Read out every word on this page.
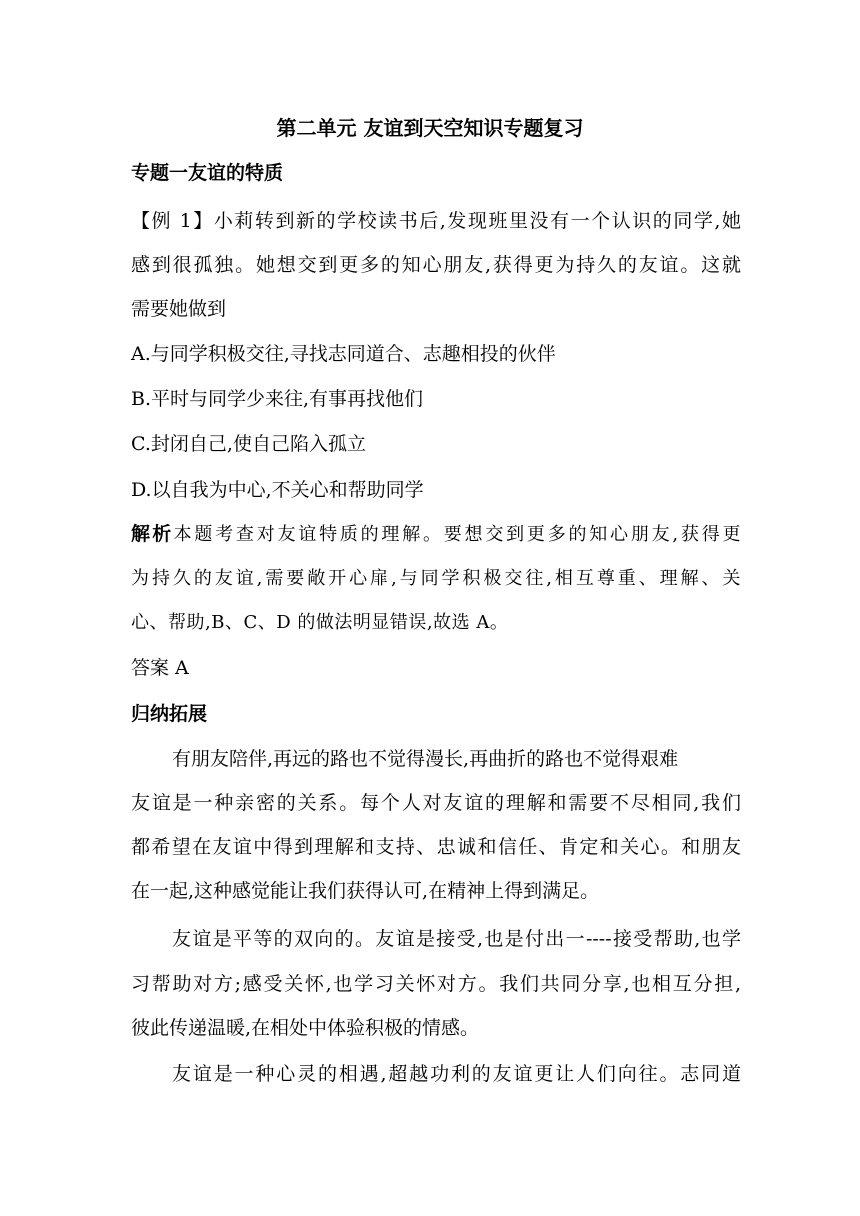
第二单元 友谊到天空知识专题复习

专题一友谊的特质

【例 1】小莉转到新的学校读书后,发现班里没有一个认识的同学,她

感到很孤独。她想交到更多的知心朋友,获得更为持久的友谊。这就

需要她做到

A.与同学积极交往,寻找志同道合、志趣相投的伙伴

B.平时与同学少来往,有事再找他们

C.封闭自己,使自己陷入孤立

D.以自我为中心,不关心和帮助同学

解析本题考查对友谊特质的理解。要想交到更多的知心朋友,获得更

为持久的友谊,需要敞开心扉,与同学积极交往,相互尊重、理解、关

心、帮助,B、C、D 的做法明显错误,故选 A。

答案 A

归纳拓展

有朋友陪伴,再远的路也不觉得漫长,再曲折的路也不觉得艰难

友谊是一种亲密的关系。每个人对友谊的理解和需要不尽相同,我们

都希望在友谊中得到理解和支持、忠诚和信任、肯定和关心。和朋友

在一起,这种感觉能让我们获得认可,在精神上得到满足。

友谊是平等的双向的。友谊是接受,也是付出一----接受帮助,也学

习帮助对方;感受关怀,也学习关怀对方。我们共同分享,也相互分担,

彼此传递温暖,在相处中体验积极的情感。

友谊是一种心灵的相遇,超越功利的友谊更让人们向往。志同道
